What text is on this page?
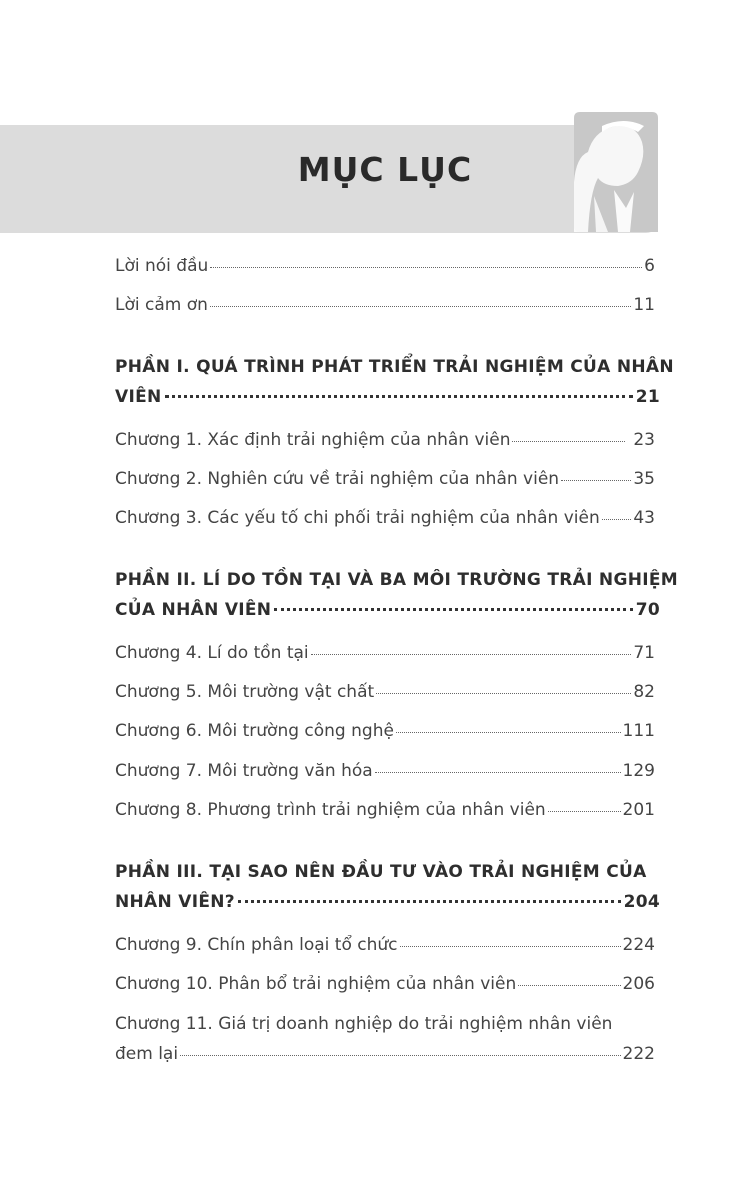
MỤC LỤC
Lời nói đầu	6
Lời cảm ơn	11
PHẦN I. QUÁ TRÌNH PHÁT TRIỂN TRẢI NGHIỆM CỦA NHÂN
VIÊN	21
Chương 1. Xác định trải nghiệm của nhân viên	23
Chương 2. Nghiên cứu về trải nghiệm của nhân viên	35
Chương 3. Các yếu tố chi phối trải nghiệm của nhân viên 43
PHẦN II. LÍ DO TỒN TẠI VÀ BA MÔI TRƯỜNG TRẢI NGHIỆM
CỦA NHÂN VIÊN	70
Chương 4. Lí do tồn tại	71
Chương 5. Môi trường vật chất	82
Chương 6. Môi trường công nghệ	111
Chương 7. Môi trường văn hóa	129
Chương 8. Phương trình trải nghiệm của nhân viên	201
PHẦN III. TẠI SAO NÊN ĐẦU TƯ VÀO TRẢI NGHIỆM CỦA
NHÂN VIÊN?	204
Chương 9. Chín phân loại tổ chức	224
Chương 10. Phân bổ trải nghiệm của nhân viên	206
Chương 11. Giá trị doanh nghiệp do trải nghiệm nhân viên
đem lại	222
